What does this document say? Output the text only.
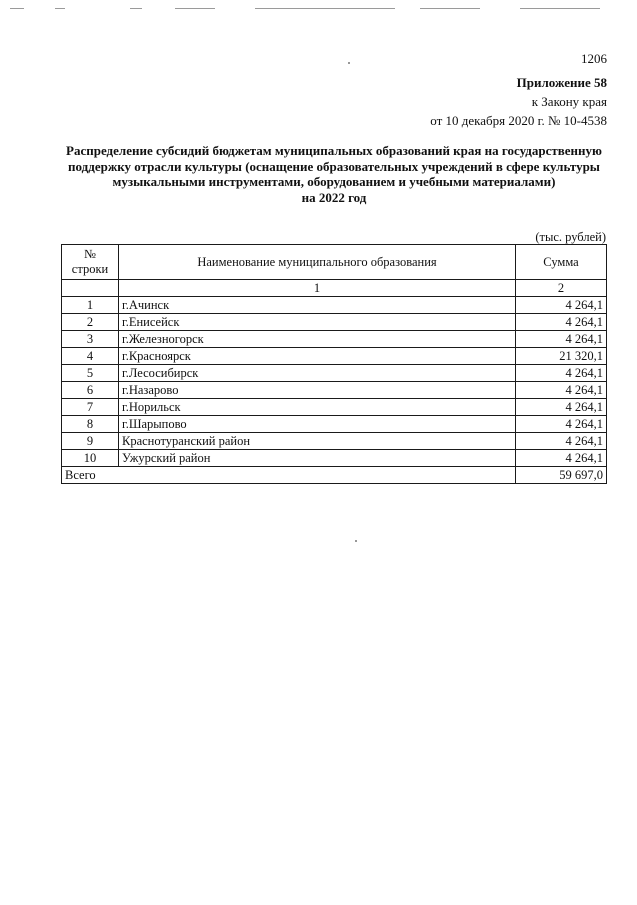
1206
Приложение 58
к Закону края
от 10 декабря 2020 г. № 10-4538
Распределение субсидий бюджетам муниципальных образований края на государственную
поддержку отрасли культуры (оснащение образовательных учреждений в сфере культуры
музыкальными инструментами, оборудованием и учебными материалами)
на 2022 год
(тыс. рублей)
№
строки	Наименование муниципального образования	Сумма
	1	2
1	г.Ачинск	4 264,1
2	г.Енисейск	4 264,1
3	г.Железногорск	4 264,1
4	г.Красноярск	21 320,1
5	г.Лесосибирск	4 264,1
6	г.Назарово	4 264,1
7	г.Норильск	4 264,1
8	г.Шарыпово	4 264,1
9	Краснотуранский район	4 264,1
10	Ужурский район	4 264,1
Всего		59 697,0
